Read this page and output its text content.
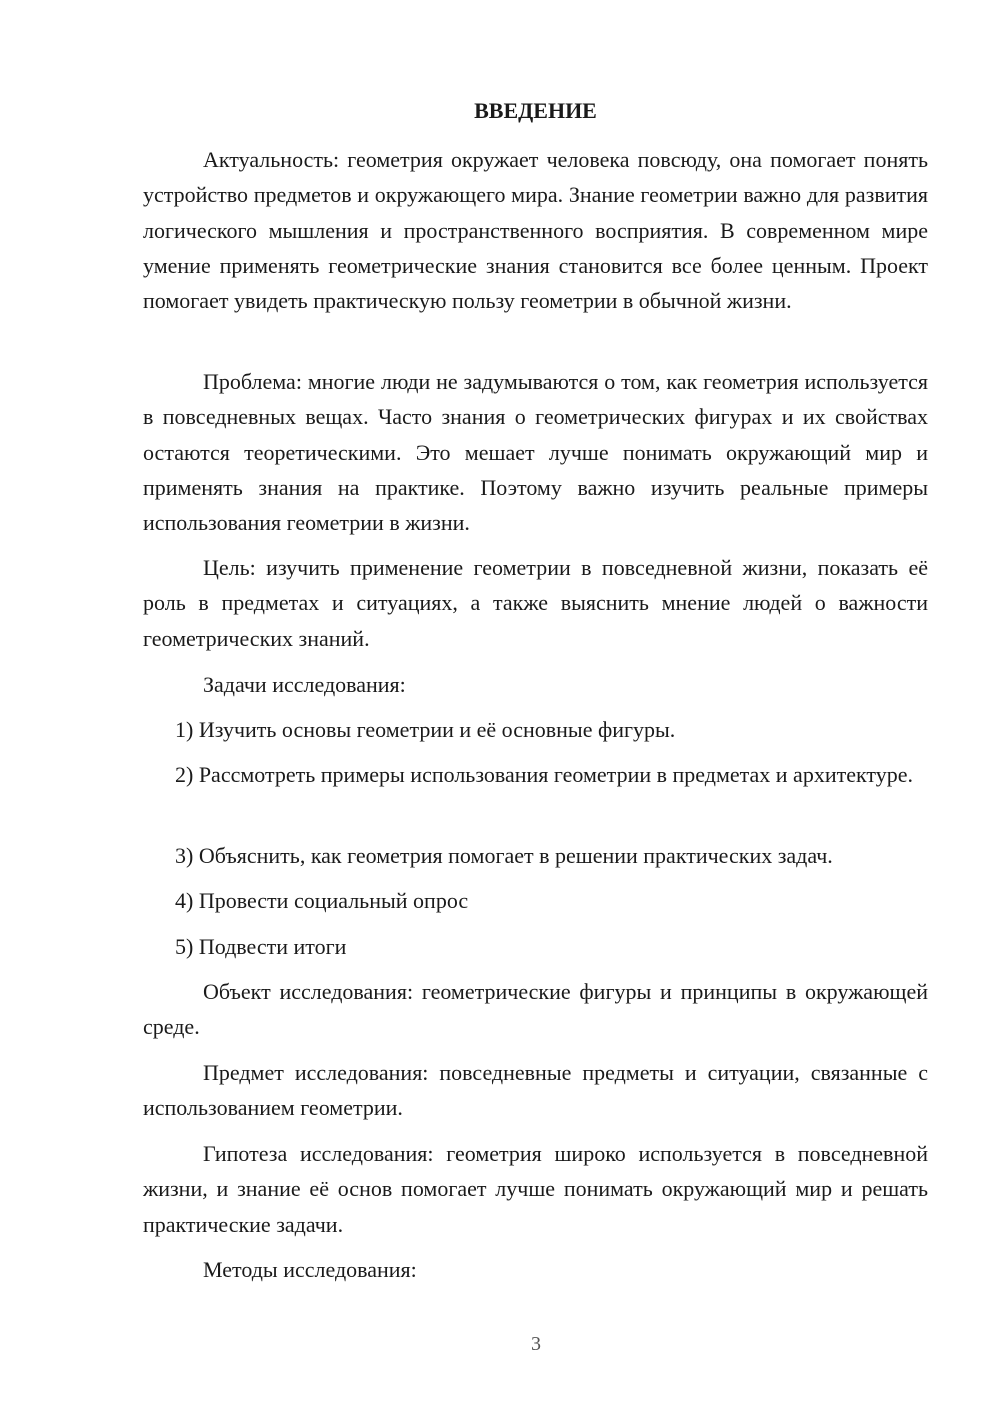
ВВЕДЕНИЕ

Актуальность: геометрия окружает человека повсюду, она помогает понять устройство предметов и окружающего мира. Знание геометрии важно для развития логического мышления и пространственного восприятия. В современном мире умение применять геометрические знания становится все более ценным. Проект помогает увидеть практическую пользу геометрии в обычной жизни.

Проблема: многие люди не задумываются о том, как геометрия используется в повседневных вещах. Часто знания о геометрических фигурах и их свойствах остаются теоретическими. Это мешает лучше понимать окружающий мир и применять знания на практике. Поэтому важно изучить реальные примеры использования геометрии в жизни.

Цель: изучить применение геометрии в повседневной жизни, показать её роль в предметах и ситуациях, а также выяснить мнение людей о важности геометрических знаний.

Задачи исследования:

1) Изучить основы геометрии и её основные фигуры.

2) Рассмотреть примеры использования геометрии в предметах и архитектуре.

3) Объяснить, как геометрия помогает в решении практических задач.

4) Провести социальный опрос

5) Подвести итоги

Объект исследования: геометрические фигуры и принципы в окружающей среде.

Предмет исследования: повседневные предметы и ситуации, связанные с использованием геометрии.

Гипотеза исследования: геометрия широко используется в повседневной жизни, и знание её основ помогает лучше понимать окружающий мир и решать практические задачи.

Методы исследования:

3
